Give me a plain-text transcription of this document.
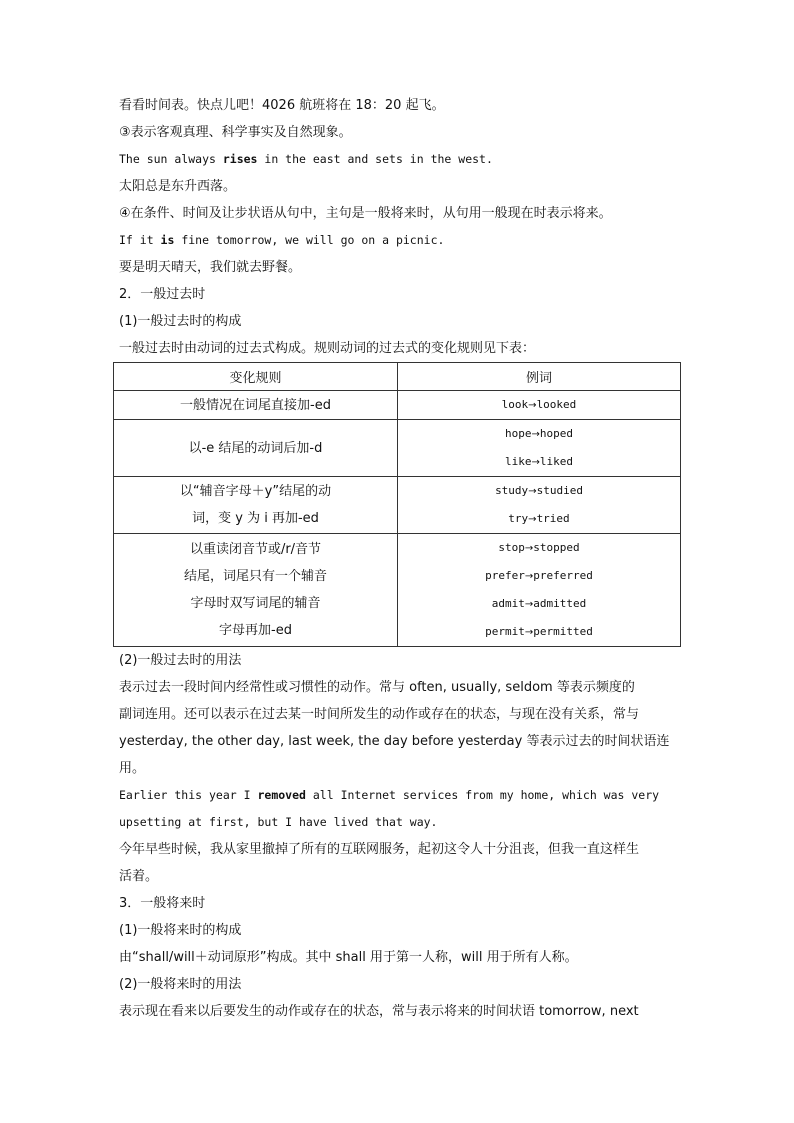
看看时间表。快点儿吧！4026 航班将在 18：20 起飞。
③表示客观真理、科学事实及自然现象。
The sun always rises in the east and sets in the west.
太阳总是东升西落。
④在条件、时间及让步状语从句中，主句是一般将来时，从句用一般现在时表示将来。
If it is fine tomorrow, we will go on a picnic.
要是明天晴天，我们就去野餐。
2．一般过去时
(1)一般过去时的构成
一般过去时由动词的过去式构成。规则动词的过去式的变化规则见下表：
变化规则	例词

一般情况在词尾直接加-ed	look→looked

以-e 结尾的动词后加-d	hope→hoped
like→liked

以“辅音字母＋y”结尾的动
词，变 y 为 i 再加-ed	study→studied
try→tried

以重读闭音节或/r/音节
结尾，词尾只有一个辅音
字母时双写词尾的辅音
字母再加-ed	stop→stopped
prefer→preferred
admit→admitted
permit→permitted
(2)一般过去时的用法
表示过去一段时间内经常性或习惯性的动作。常与 often, usually, seldom 等表示频度的
副词连用。还可以表示在过去某一时间所发生的动作或存在的状态，与现在没有关系，常与
yesterday, the other day, last week, the day before yesterday 等表示过去的时间状语连
用。
Earlier this year I removed all Internet services from my home, which was very
upsetting at first, but I have lived that way.
今年早些时候，我从家里撤掉了所有的互联网服务，起初这令人十分沮丧，但我一直这样生
活着。
3．一般将来时
(1)一般将来时的构成
由“shall/will＋动词原形”构成。其中 shall 用于第一人称，will 用于所有人称。
(2)一般将来时的用法
表示现在看来以后要发生的动作或存在的状态，常与表示将来的时间状语 tomorrow, next
